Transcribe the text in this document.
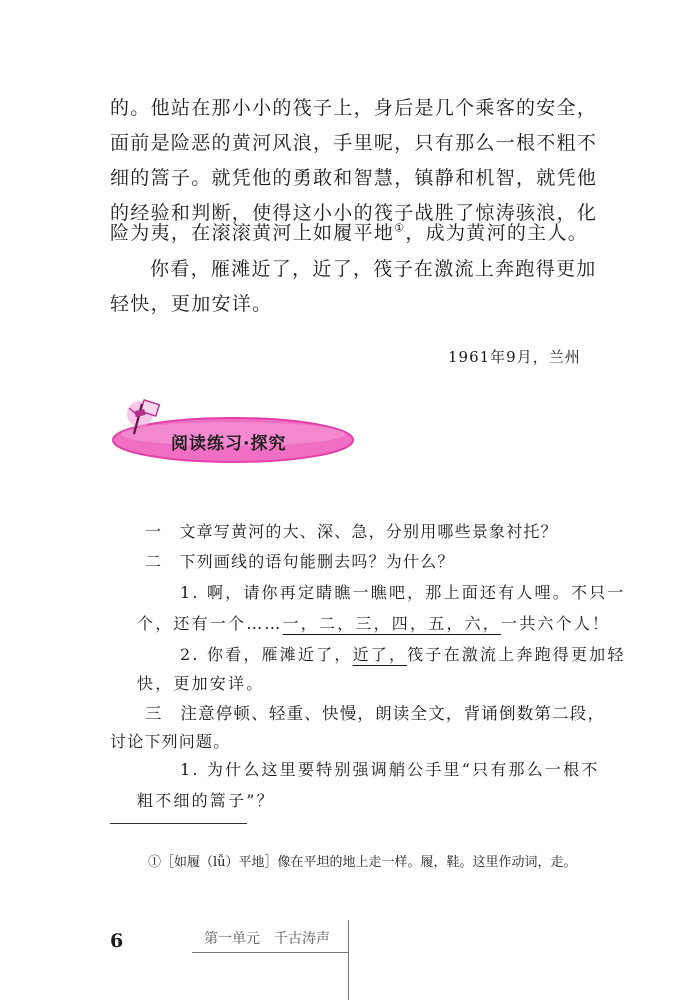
的。他站在那小小的筏子上，身后是几个乘客的安全，
面前是险恶的黄河风浪，手里呢，只有那么一根不粗不
细的篙子。就凭他的勇敢和智慧，镇静和机智，就凭他
的经验和判断，使得这小小的筏子战胜了惊涛骇浪，化
险为夷，在滚滚黄河上如履平地①，成为黄河的主人。
你看，雁滩近了，近了，筏子在激流上奔跑得更加
轻快，更加安详。
1961年9月，兰州
阅读练习·探究
一　文章写黄河的大、深、急，分别用哪些景象衬托？
二　下列画线的语句能删去吗？为什么？
1. 啊，请你再定睛瞧一瞧吧，那上面还有人哩。不只一
个，还有一个……一，二，三，四，五，六，一共六个人！
2. 你看，雁滩近了，近了，筏子在激流上奔跑得更加轻
快，更加安详。
三　注意停顿、轻重、快慢，朗读全文，背诵倒数第二段，
讨论下列问题。
1. 为什么这里要特别强调艄公手里“只有那么一根不
粗不细的篙子”？
①［如履（lǚ）平地］像在平坦的地上走一样。履，鞋。这里作动词，走。
6	第一单元　千古涛声
